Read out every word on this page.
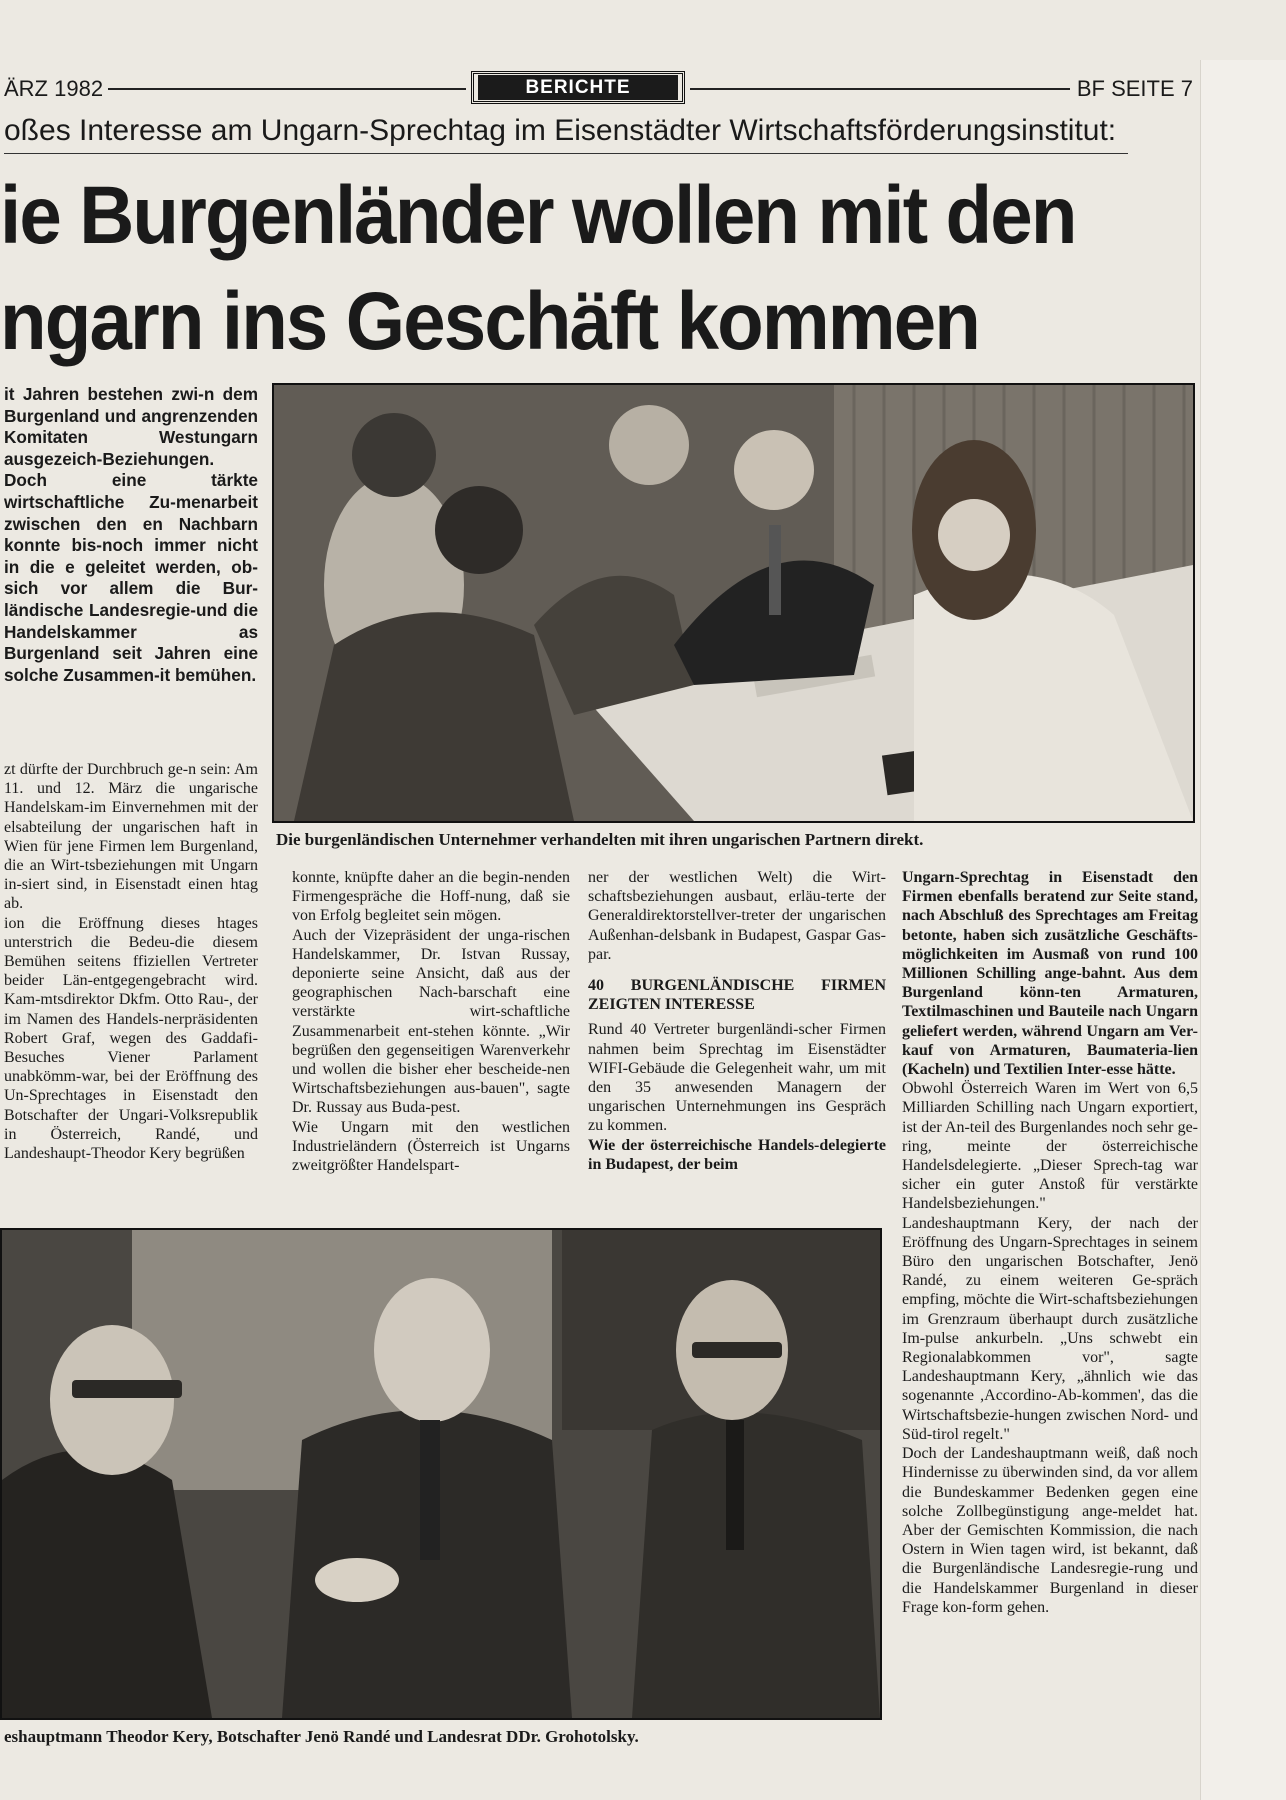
ÄRZ 1982	BERICHTE	BF SEITE 7
oßes Interesse am Ungarn-Sprechtag im Eisenstädter Wirtschaftsförderungsinstitut:
ie Burgenländer wollen mit den
ngarn ins Geschäft kommen
it Jahren bestehen zwi-n dem Burgenland und angrenzenden Komitaten Westungarn ausgezeich-Beziehungen. Doch eine tärkte wirtschaftliche Zu-menarbeit zwischen den en Nachbarn konnte bis-noch immer nicht in die e geleitet werden, ob-sich vor allem die Bur-ländische Landesregie-und die Handelskammer as Burgenland seit Jahren eine solche Zusammen-it bemühen.
Die burgenländischen Unternehmer verhandelten mit ihren ungarischen Partnern direkt.

zt dürfte der Durchbruch ge-n sein: Am 11. und 12. März die ungarische Handelskam-im Einvernehmen mit der elsabteilung der ungarischen haft in Wien für jene Firmen lem Burgenland, die an Wirt-tsbeziehungen mit Ungarn in-siert sind, in Eisenstadt einen htag ab.

ion die Eröffnung dieses htages unterstrich die Bedeu-die diesem Bemühen seitens ffiziellen Vertreter beider Län-entgegengebracht wird. Kam-mtsdirektor Dkfm. Otto Rau-, der im Namen des Handels-nerpräsidenten Robert Graf, wegen des Gaddafi-Besuches Viener Parlament unabkömm-war, bei der Eröffnung des Un-Sprechtages in Eisenstadt den Botschafter der Ungari-Volksrepublik in Österreich, Randé, und Landeshaupt-Theodor Kery begrüßen

konnte, knüpfte daher an die begin-nenden Firmengespräche die Hoff-nung, daß sie von Erfolg begleitet sein mögen.

Auch der Vizepräsident der unga-rischen Handelskammer, Dr. Istvan Russay, deponierte seine Ansicht, daß aus der geographischen Nach-barschaft eine verstärkte wirt-schaftliche Zusammenarbeit ent-stehen könnte. „Wir begrüßen den gegenseitigen Warenverkehr und wollen die bisher eher bescheide-nen Wirtschaftsbeziehungen aus-bauen", sagte Dr. Russay aus Buda-pest.

Wie Ungarn mit den westlichen Industrieländern (Österreich ist Ungarns zweitgrößter Handelspart-

ner der westlichen Welt) die Wirt-schaftsbeziehungen ausbaut, erläu-terte der Generaldirektorstellver-treter der ungarischen Außenhan-delsbank in Budapest, Gaspar Gas-par.

40 BURGENLÄNDISCHE FIRMEN ZEIGTEN INTERESSE

Rund 40 Vertreter burgenländi-scher Firmen nahmen beim Sprechtag im Eisenstädter WIFI-Gebäude die Gelegenheit wahr, um mit den 35 anwesenden Managern der ungarischen Unternehmungen ins Gespräch zu kommen.

Wie der österreichische Handels-delegierte in Budapest, der beim

Ungarn-Sprechtag in Eisenstadt den Firmen ebenfalls beratend zur Seite stand, nach Abschluß des Sprechtages am Freitag betonte, haben sich zusätzliche Geschäfts-möglichkeiten im Ausmaß von rund 100 Millionen Schilling ange-bahnt. Aus dem Burgenland könn-ten Armaturen, Textilmaschinen und Bauteile nach Ungarn geliefert werden, während Ungarn am Ver-kauf von Armaturen, Baumateria-lien (Kacheln) und Textilien Inter-esse hätte.

Obwohl Österreich Waren im Wert von 6,5 Milliarden Schilling nach Ungarn exportiert, ist der An-teil des Burgenlandes noch sehr ge-ring, meinte der österreichische Handelsdelegierte. „Dieser Sprech-tag war sicher ein guter Anstoß für verstärkte Handelsbeziehungen."

Landeshauptmann Kery, der nach der Eröffnung des Ungarn-Sprechtages in seinem Büro den ungarischen Botschafter, Jenö Randé, zu einem weiteren Ge-spräch empfing, möchte die Wirt-schaftsbeziehungen im Grenzraum überhaupt durch zusätzliche Im-pulse ankurbeln. „Uns schwebt ein Regionalabkommen vor", sagte Landeshauptmann Kery, „ähnlich wie das sogenannte ,Accordino-Ab-kommen', das die Wirtschaftsbezie-hungen zwischen Nord- und Süd-tirol regelt."

Doch der Landeshauptmann weiß, daß noch Hindernisse zu überwinden sind, da vor allem die Bundeskammer Bedenken gegen eine solche Zollbegünstigung ange-meldet hat. Aber der Gemischten Kommission, die nach Ostern in Wien tagen wird, ist bekannt, daß die Burgenländische Landesregie-rung und die Handelskammer Burgenland in dieser Frage kon-form gehen.

eshauptmann Theodor Kery, Botschafter Jenö Randé und Landesrat DDr. Grohotolsky.
